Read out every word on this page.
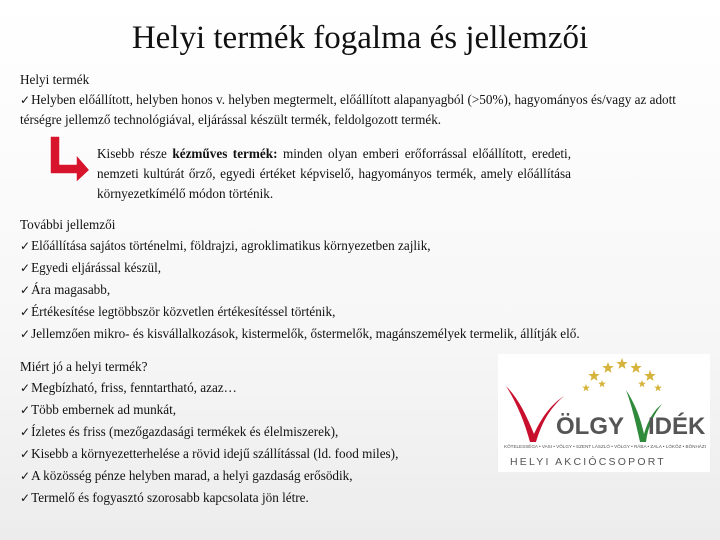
Helyi termék fogalma és jellemzői
Helyi termék
✓Helyben előállított, helyben honos v. helyben megtermelt, előállított alapanyagból (>50%), hagyományos és/vagy az adott térségre jellemző technológiával, eljárással készült termék, feldolgozott termék.
Kisebb része kézműves termék: minden olyan emberi erőforrással előállított, eredeti, nemzeti kultúrát őrző, egyedi értéket képviselő, hagyományos termék, amely előállítása környezetkímélő módon történik.
További jellemzői
✓Előállítása sajátos történelmi, földrajzi, agroklimatikus környezetben zajlik,
✓Egyedi eljárással készül,
✓Ára magasabb,
✓Értékesítése legtöbbször közvetlen értékesítéssel történik,
✓Jellemzően mikro- és kisvállalkozások, kistermelők, őstermelők, magánszemélyek termelik, állítják elő.
Miért jó a helyi termék?
✓Megbízható, friss, fenntartható, azaz…
✓Több embernek ad munkát,
✓Ízletes és friss (mezőgazdasági termékek és élelmiszerek),
✓Kisebb a környezetterhelése a rövid idejű szállítással (ld. food miles),
✓A közösség pénze helyben marad, a helyi gazdaság erősödik,
✓Termelő és fogyasztó szorosabb kapcsolata jön létre.
ÖLGY IDÉK
KÖTELESSÉGA • VASI • VÖLGY • SZENT LÁSZLÓ • VÖLGY • RÁBA • ZALA • LÓKÖZ • BÖNHÁZI
HELYI AKCIÓCSOPORT
